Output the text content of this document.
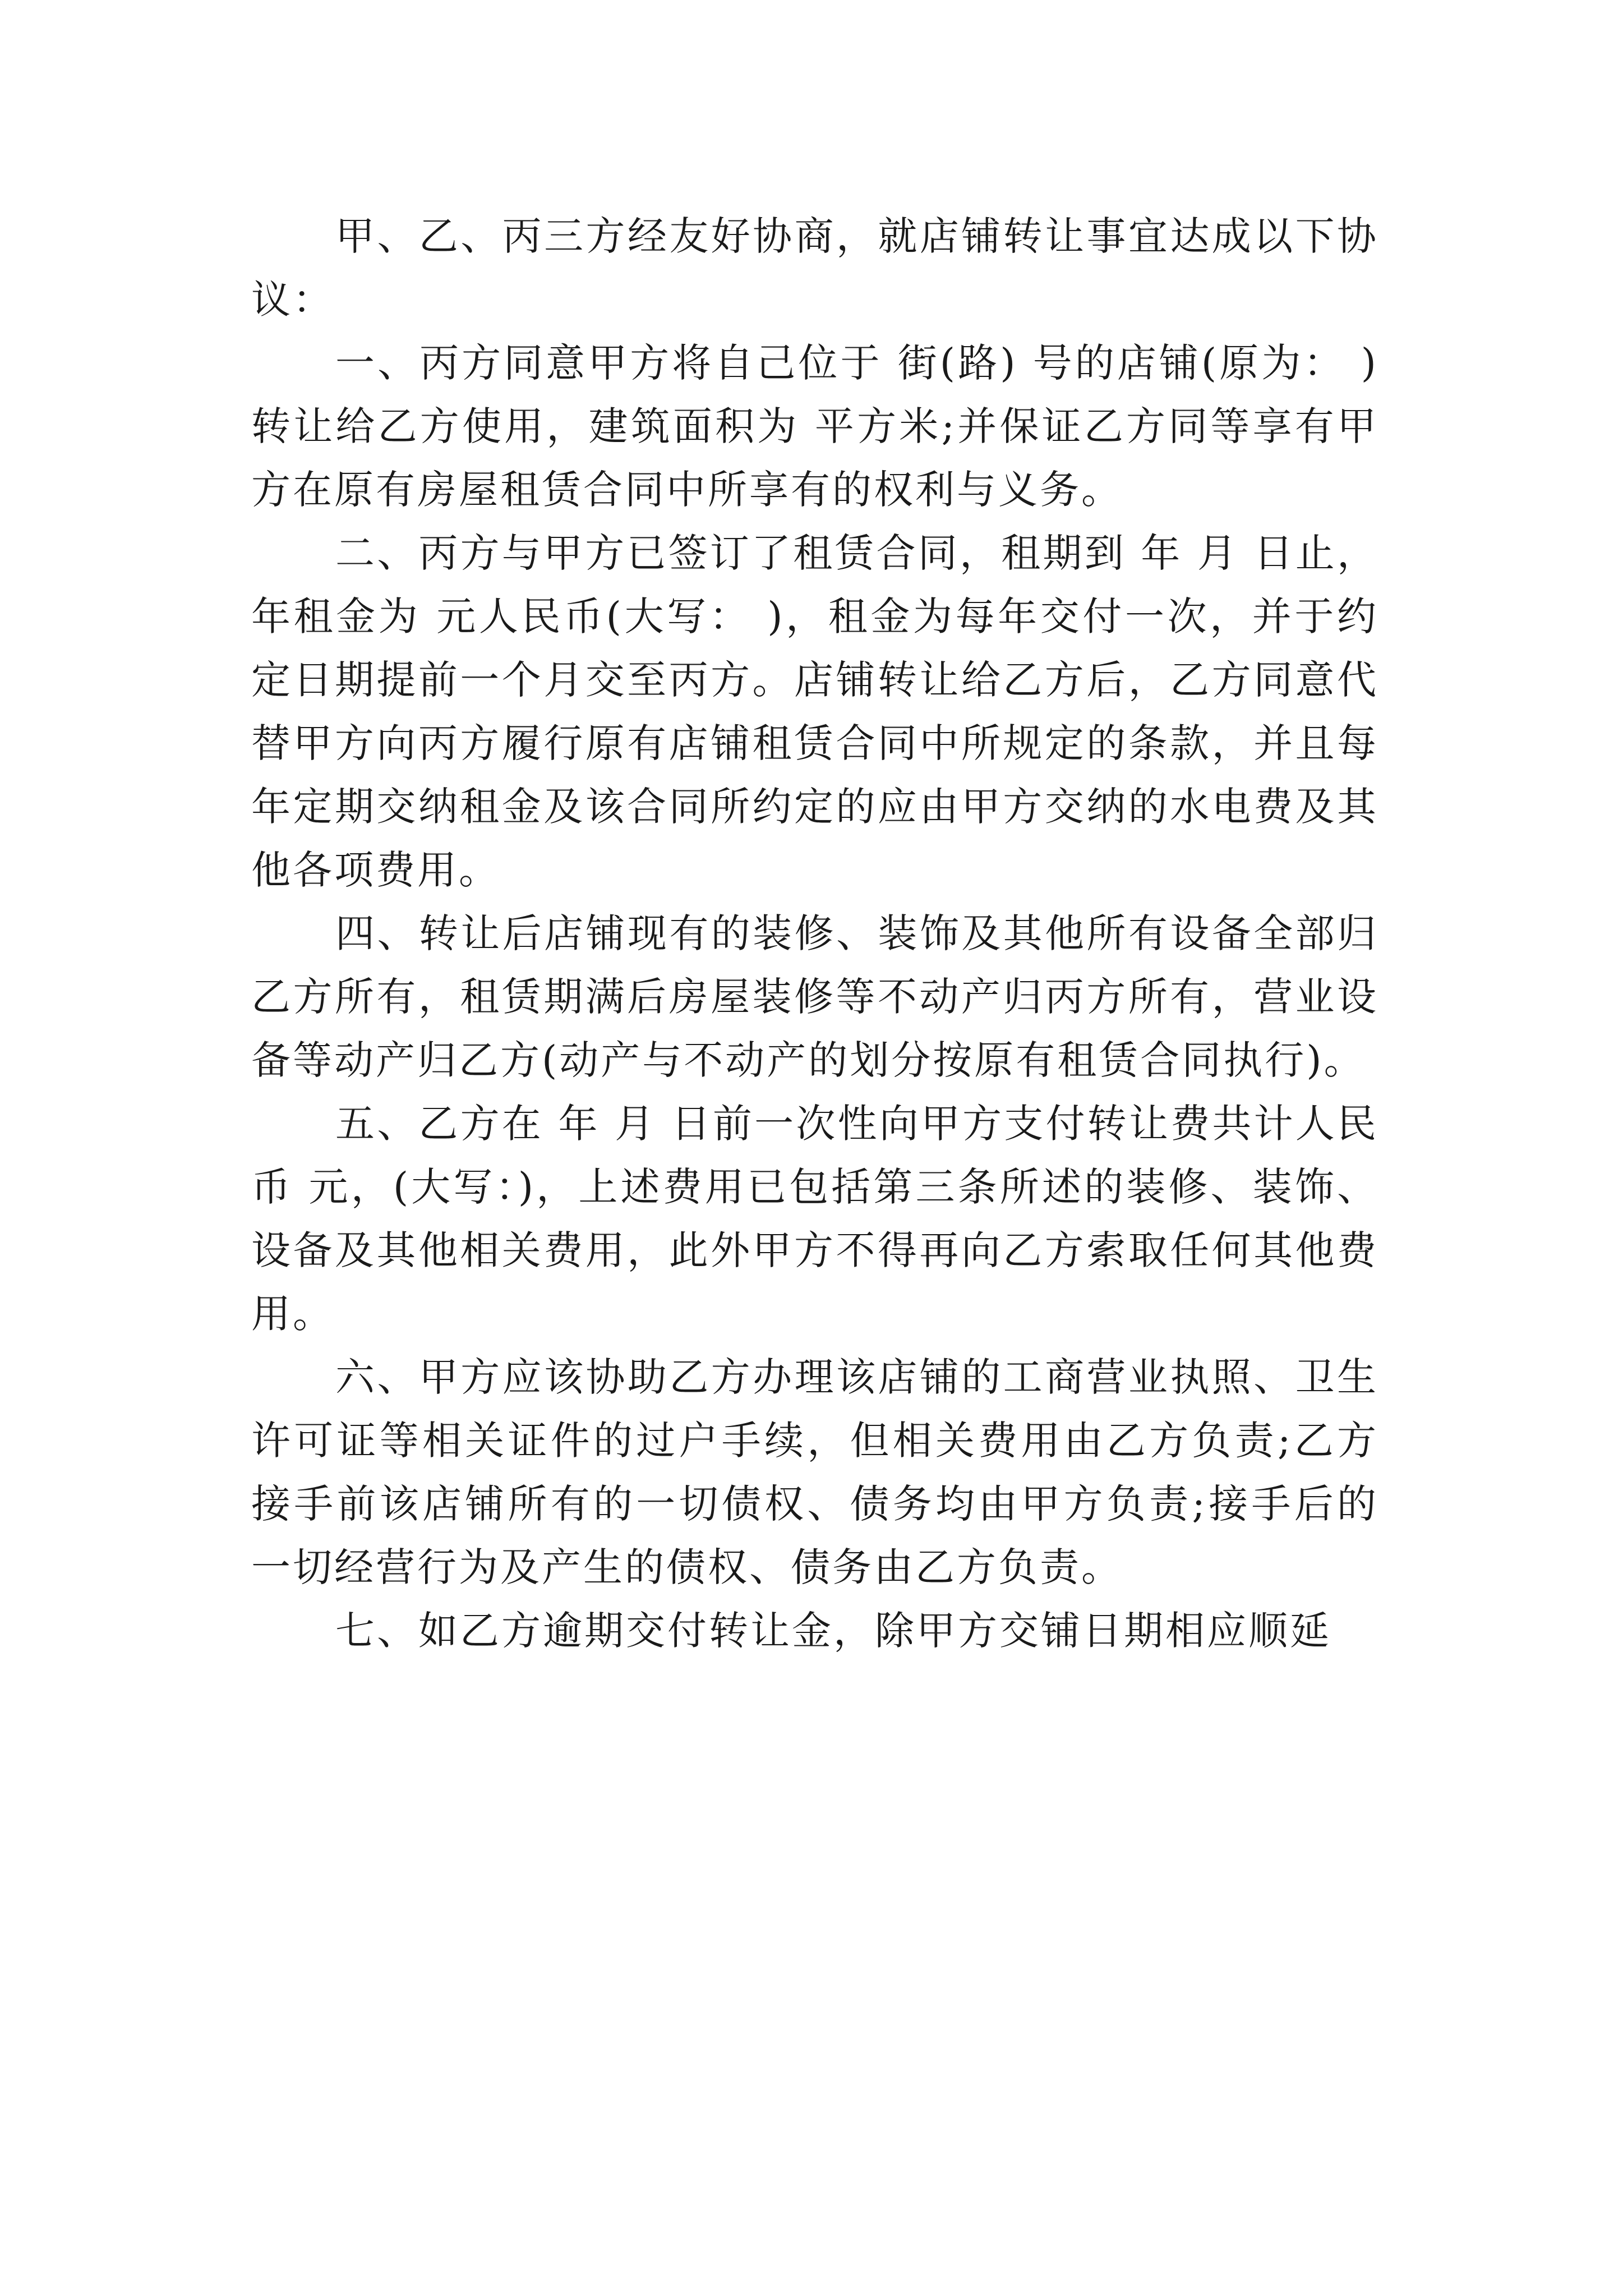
甲、乙、丙三方经友好协商，就店铺转让事宜达成以下协议：

一、丙方同意甲方将自己位于 街(路) 号的店铺(原为： )转让给乙方使用，建筑面积为 平方米;并保证乙方同等享有甲方在原有房屋租赁合同中所享有的权利与义务。

二、丙方与甲方已签订了租赁合同，租期到 年 月 日止，年租金为 元人民币(大写： )，租金为每年交付一次，并于约定日期提前一个月交至丙方。店铺转让给乙方后，乙方同意代替甲方向丙方履行原有店铺租赁合同中所规定的条款，并且每年定期交纳租金及该合同所约定的应由甲方交纳的水电费及其他各项费用。

四、转让后店铺现有的装修、装饰及其他所有设备全部归乙方所有，租赁期满后房屋装修等不动产归丙方所有，营业设备等动产归乙方(动产与不动产的划分按原有租赁合同执行)。

五、乙方在 年 月 日前一次性向甲方支付转让费共计人民币 元，(大写：)，上述费用已包括第三条所述的装修、装饰、设备及其他相关费用，此外甲方不得再向乙方索取任何其他费用。

六、甲方应该协助乙方办理该店铺的工商营业执照、卫生许可证等相关证件的过户手续，但相关费用由乙方负责;乙方接手前该店铺所有的一切债权、债务均由甲方负责;接手后的一切经营行为及产生的债权、债务由乙方负责。

七、如乙方逾期交付转让金，除甲方交铺日期相应顺延
